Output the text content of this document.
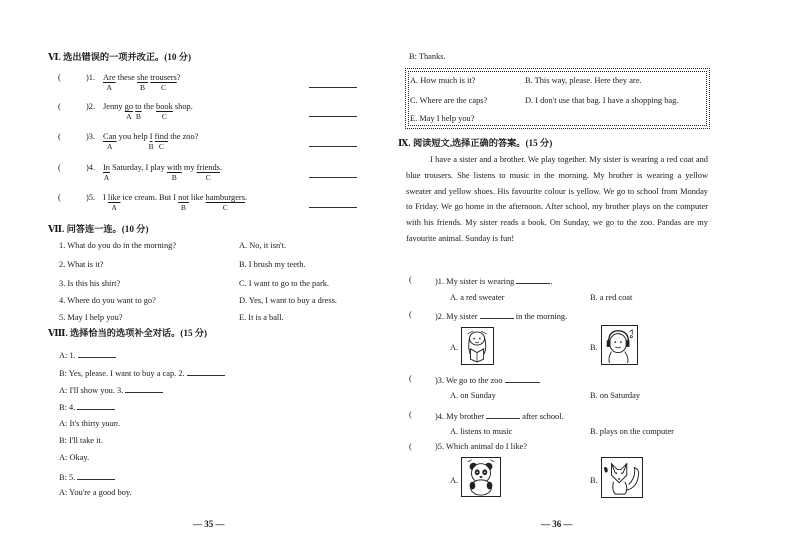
Ⅵ. 选出错误的一项并改正。(10 分)
(	)1. Are
A
these she
B
trousers
C
?
(	)2. Jenny go
A
to
B
the book
C
shop.
(	)3. Can
A
you help I
B
find
C
the zoo?
(	)4. In
A
Saturday, I play with
B
my friends
C
.
(	)5. I like
A
ice cream. But I not
B
like hamburgers
C
.
Ⅶ. 问答连一连。(10 分)
1. What do you do in the morning?
2. What is it?
3. Is this his shirt?
4. Where do you want to go?
5. May I help you?
A. No, it isn't.
B. I brush my teeth.
C. I want to go to the park.
D. Yes, I want to buy a dress.
E. It is a ball.
Ⅷ. 选择恰当的选项补全对话。(15 分)
A: 1.
B: Yes, please. I want to buy a cap. 2.
A: I'll show you. 3.
B: 4.
A: It's thirty yuan.
B: I'll take it.
A: Okay.
B: 5.
A: You're a good boy.
— 35 —
B: Thanks.
A. How much is it?	B. This way, please. Here they are.
C. Where are the caps?	D. I don't use that bag. I have a shopping bag.
E. May I help you?
Ⅸ. 阅读短文,选择正确的答案。(15 分)
I have a sister and a brother. We play together. My sister is wearing a red coat and blue trousers. She listens to music in the morning. My brother is wearing a yellow sweater and yellow shoes. His favourite colour is yellow. We go to school from Monday to Friday. We go home in the afternoon. After school, my brother plays on the computer with his friends. My sister reads a book. On Sunday, we go to the zoo. Pandas are my favourite animal. Sunday is fun!
(	)1. My sister is wearing	.
A. a red sweater	B. a red coat
(	)2. My sister	in the morning.
A.	B.
(	)3. We go to the zoo	.
A. on Sunday	B. on Saturday
(	)4. My brother	after school.
A. listens to music	B. plays on the computer
(	)5. Which animal do I like?
A.	B.
— 36 —
